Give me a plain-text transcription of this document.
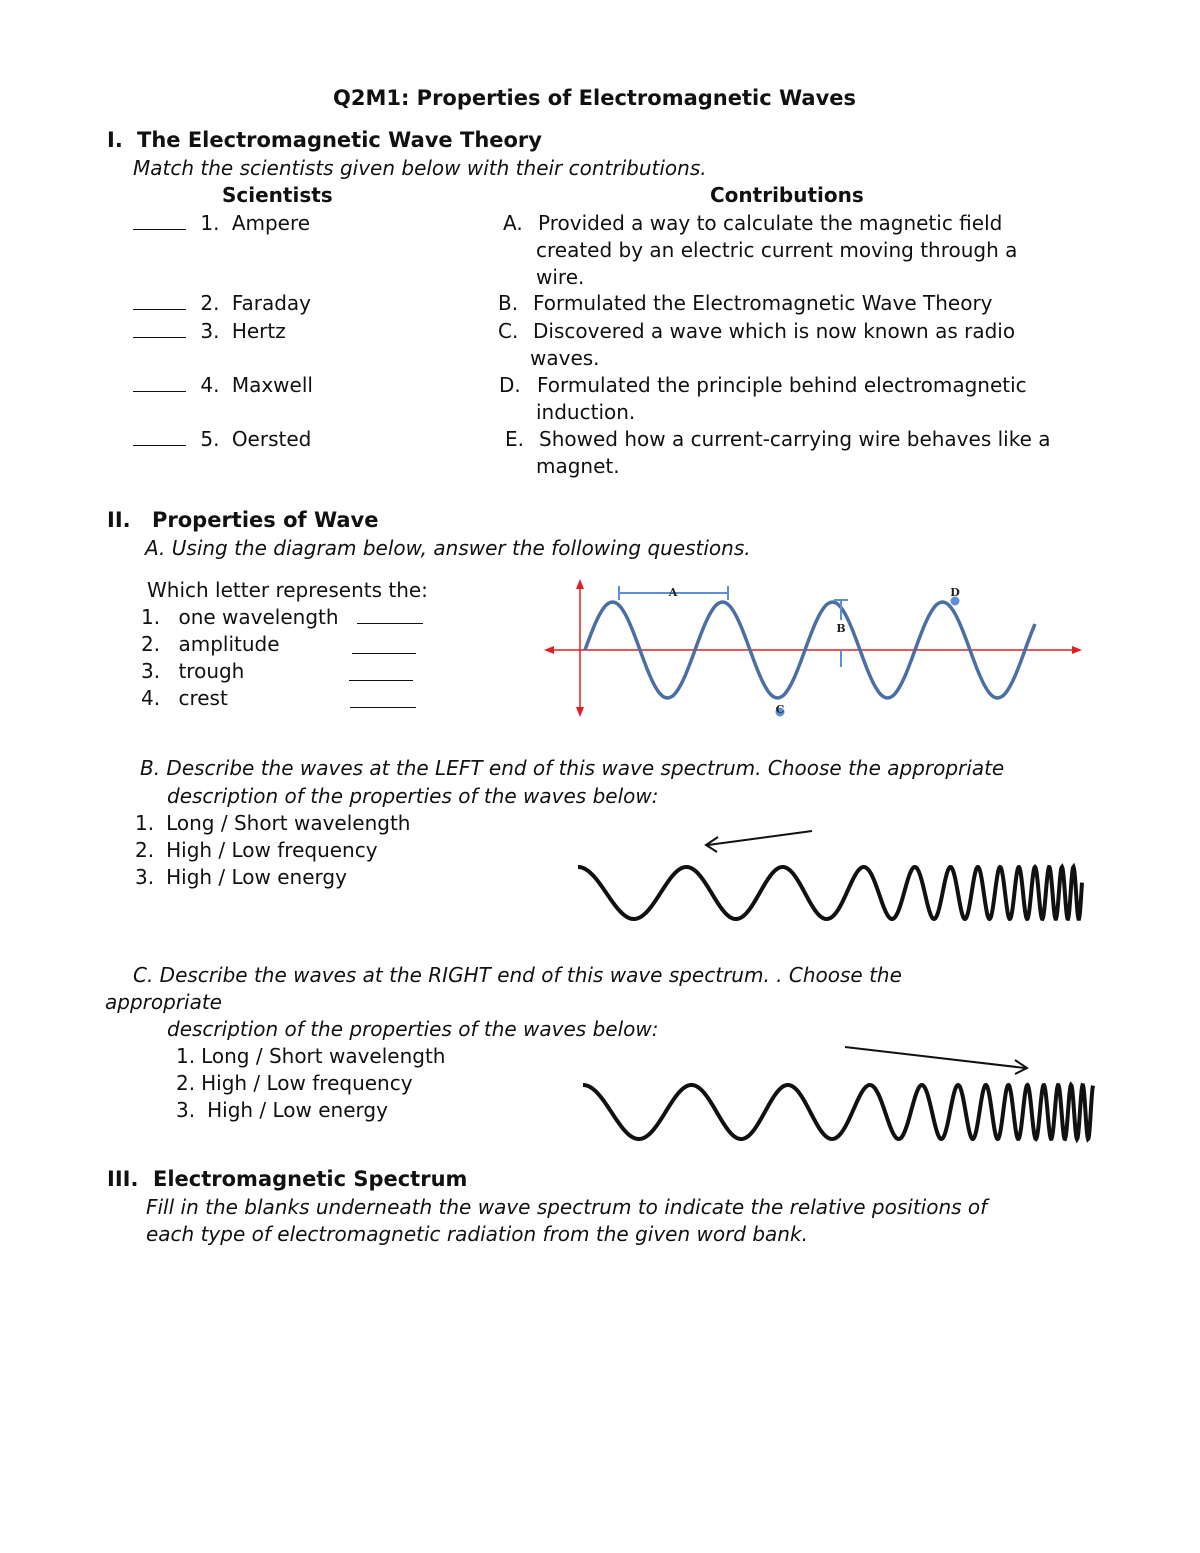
Q2M1: Properties of Electromagnetic Waves
I. The Electromagnetic Wave Theory
Match the scientists given below with their contributions.
Scientists	Contributions
1. Ampere
2. Faraday
3. Hertz
4. Maxwell
5. Oersted
A. Provided a way to calculate the magnetic field
created by an electric current moving through a
wire.
B. Formulated the Electromagnetic Wave Theory
C. Discovered a wave which is now known as radio
waves.
D. Formulated the principle behind electromagnetic
induction.
E. Showed how a current-carrying wire behaves like a
magnet.
II. Properties of Wave
A. Using the diagram below, answer the following questions.
Which letter represents the:
1. one wavelength
2. amplitude
3. trough
4. crest
A
B
C
D
B. Describe the waves at the LEFT end of this wave spectrum. Choose the appropriate
description of the properties of the waves below:
1. Long / Short wavelength
2. High / Low frequency
3. High / Low energy
C. Describe the waves at the RIGHT end of this wave spectrum. . Choose the
appropriate
description of the properties of the waves below:
1. Long / Short wavelength
2. High / Low frequency
3. High / Low energy
III. Electromagnetic Spectrum
Fill in the blanks underneath the wave spectrum to indicate the relative positions of
each type of electromagnetic radiation from the given word bank.
